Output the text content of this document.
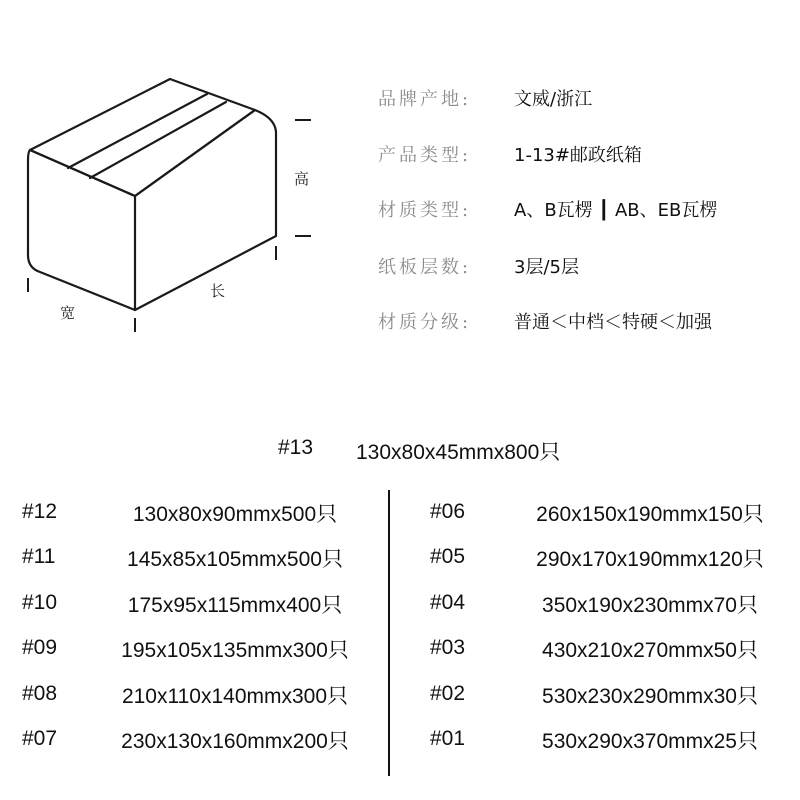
高
长
宽
品牌产地:	文威/浙江
产品类型:	1-13#邮政纸箱
材质类型:	A、B瓦楞 ┃ AB、EB瓦楞
纸板层数:	3层/5层
材质分级:	普通＜中档＜特硬＜加强
#13 130x80x45mmx800只
#12	130x80x90mmx500只
#11	145x85x105mmx500只
#10	175x95x115mmx400只
#09	195x105x135mmx300只
#08	210x110x140mmx300只
#07	230x130x160mmx200只
#06	260x150x190mmx150只
#05	290x170x190mmx120只
#04	350x190x230mmx70只
#03	430x210x270mmx50只
#02	530x230x290mmx30只
#01	530x290x370mmx25只
